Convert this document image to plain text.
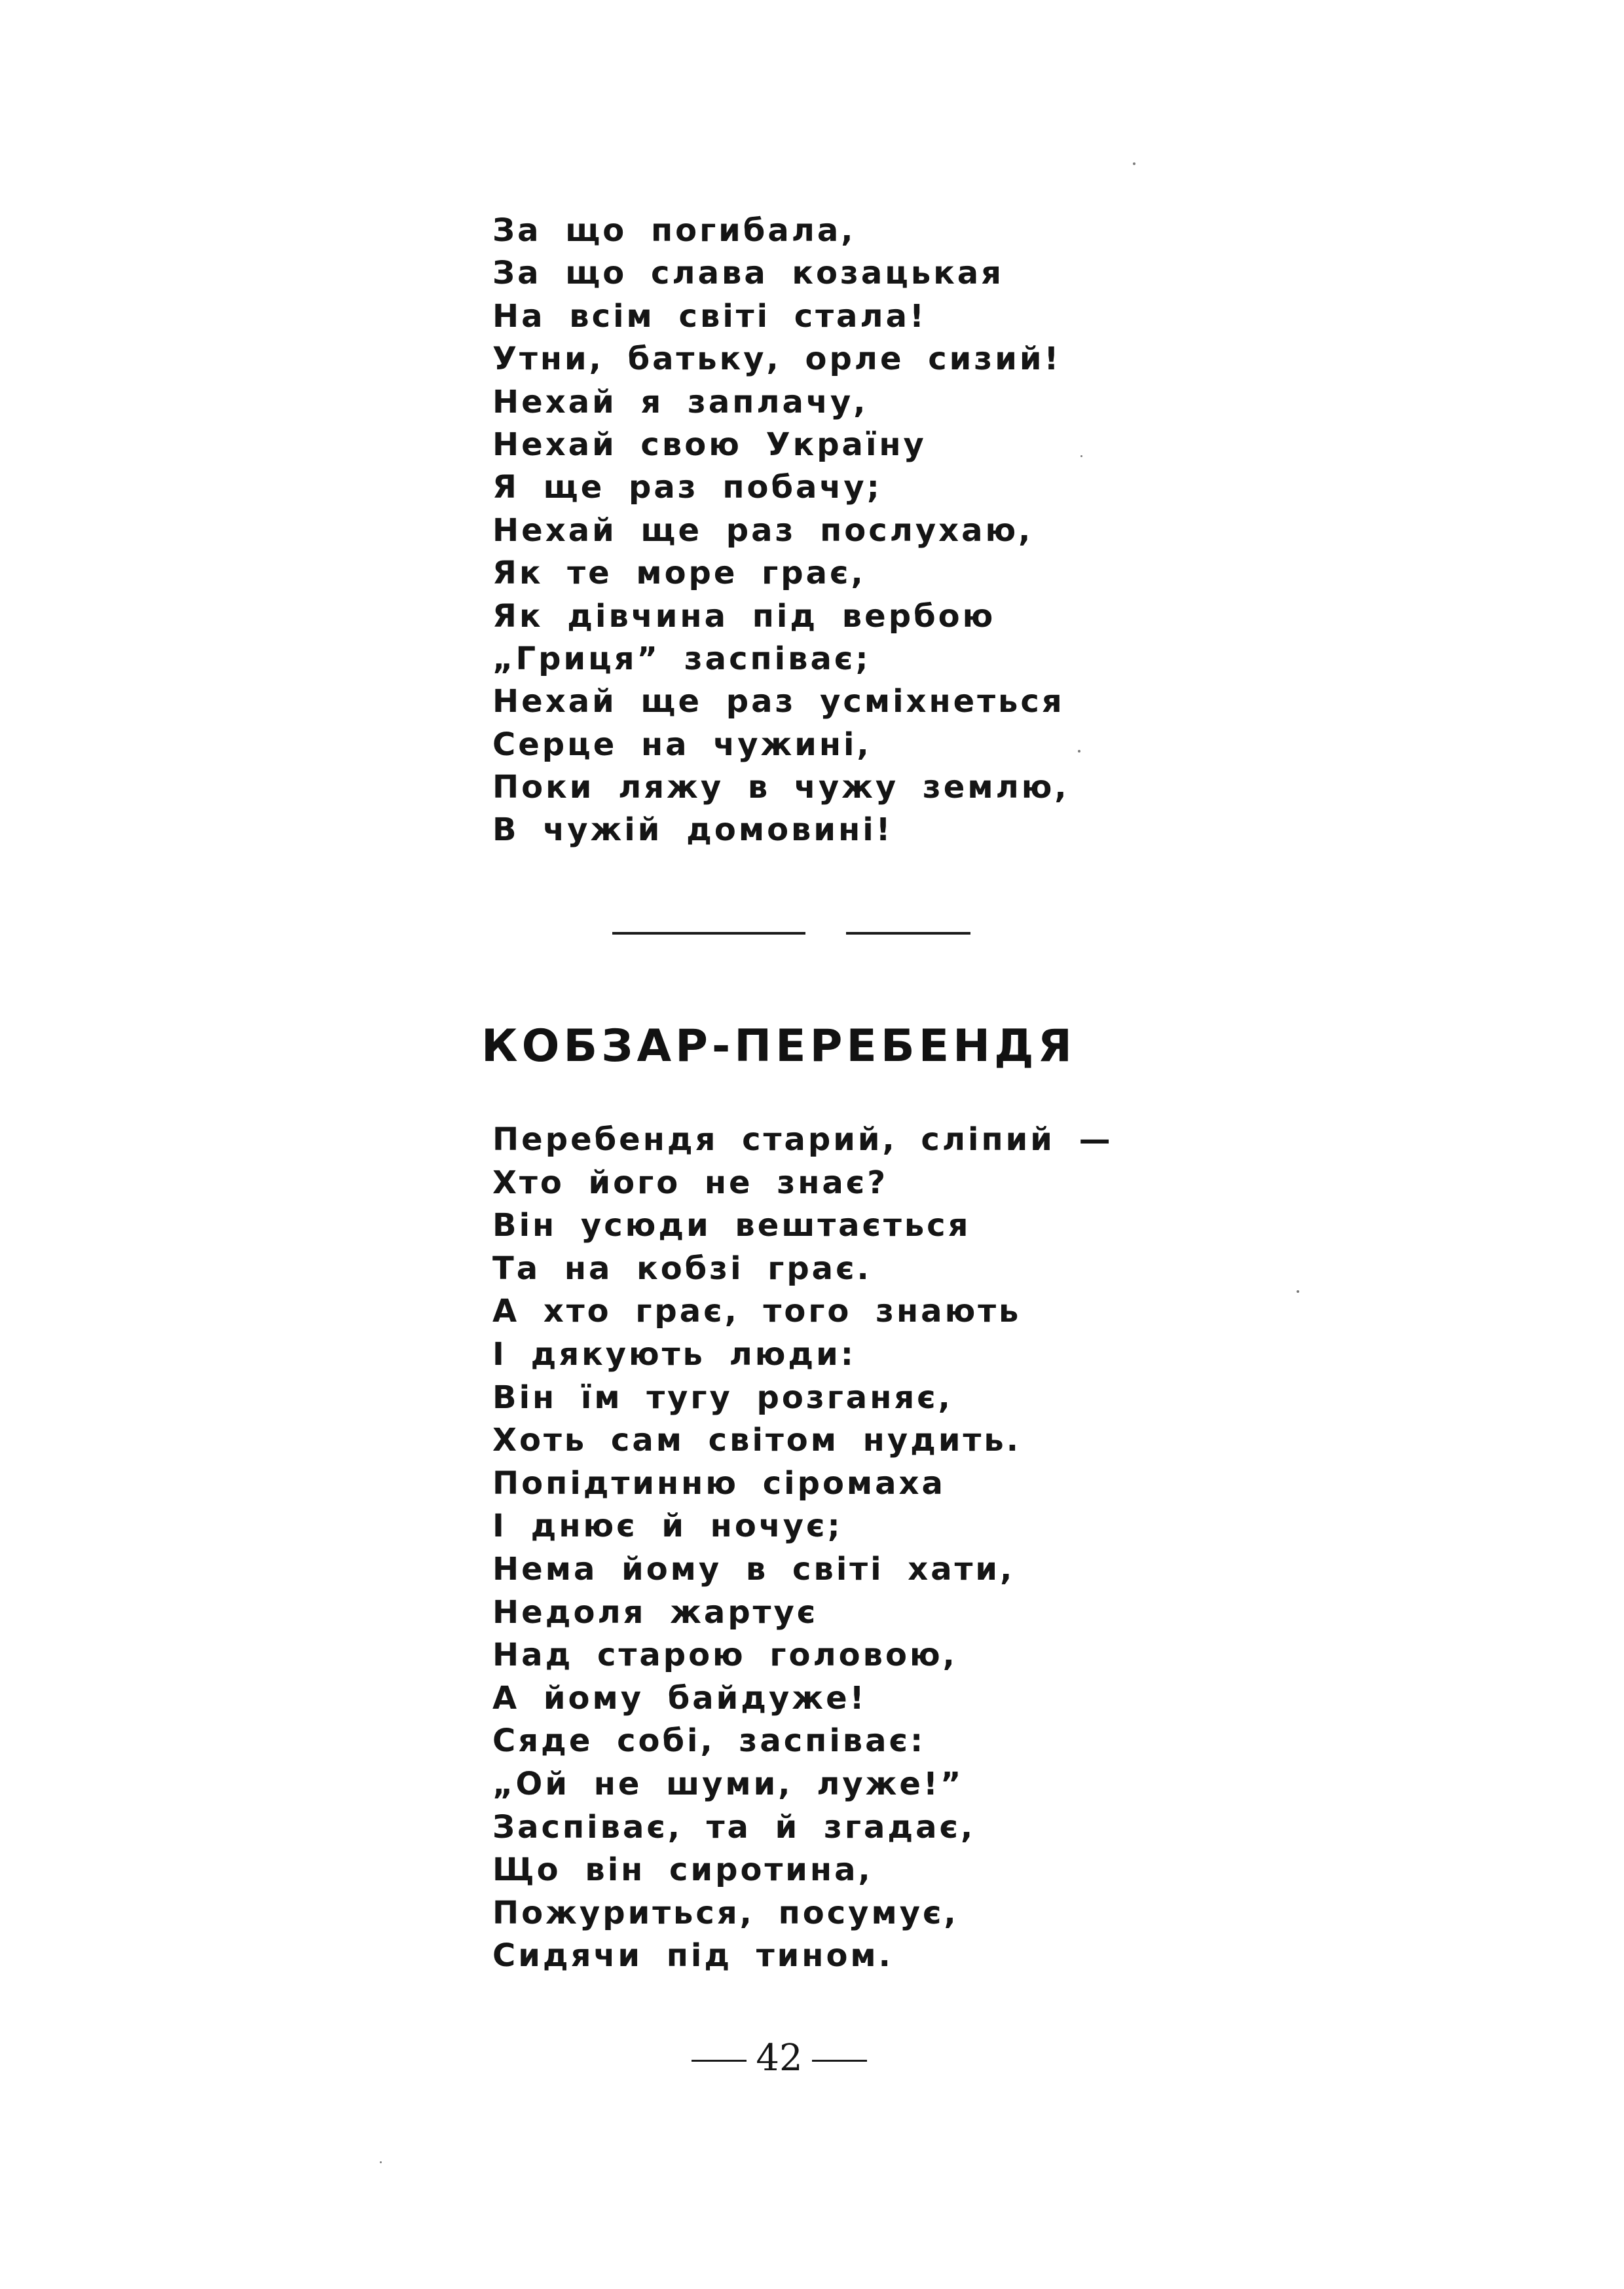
За що погибала,
За що слава козацькая
На всім світі стала!
Утни, батьку, орле сизий!
Нехай я заплачу,
Нехай свою Україну
Я ще раз побачу;
Нехай ще раз послухаю,
Як те море грає,
Як дівчина під вербою
„Гриця” заспіває;
Нехай ще раз усміхнеться
Серце на чужині,
Поки ляжу в чужу землю,
В чужій домовині!
КОБЗАР-ПЕРЕБЕНДЯ
Перебендя старий, сліпий —
Хто його не знає?
Він усюди вештається
Та на кобзі грає.
А хто грає, того знають
І дякують люди:
Він їм тугу розганяє,
Хоть сам світом нудить.
Попідтинню сіромаха
І днює й ночує;
Нема йому в світі хати,
Недоля жартує
Над старою головою,
А йому байдуже!
Сяде собі, заспіває:
„Ой не шуми, луже!”
Заспіває, та й згадає,
Що він сиротина,
Пожуриться, посумує,
Сидячи під тином.
42
